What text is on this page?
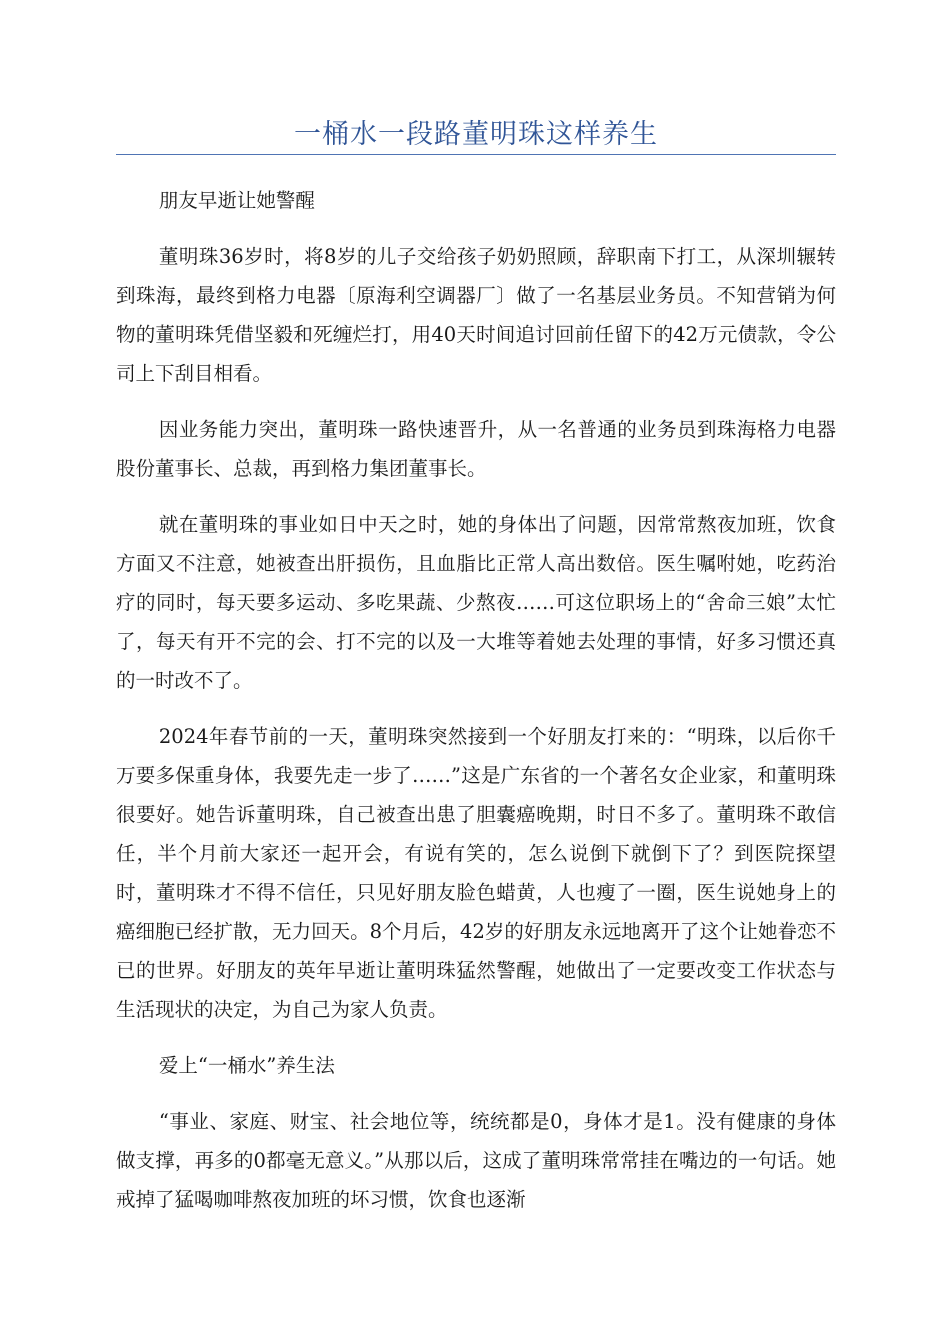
一桶水一段路董明珠这样养生

朋友早逝让她警醒

董明珠36岁时，将8岁的儿子交给孩子奶奶照顾，辞职南下打工，从深圳辗转到珠海，最终到格力电器〔原海利空调器厂〕做了一名基层业务员。不知营销为何物的董明珠凭借坚毅和死缠烂打，用40天时间追讨回前任留下的42万元债款，令公司上下刮目相看。

因业务能力突出，董明珠一路快速晋升，从一名普通的业务员到珠海格力电器股份董事长、总裁，再到格力集团董事长。

就在董明珠的事业如日中天之时，她的身体出了问题，因常常熬夜加班，饮食方面又不注意，她被查出肝损伤，且血脂比正常人高出数倍。医生嘱咐她，吃药治疗的同时，每天要多运动、多吃果蔬、少熬夜……可这位职场上的“舍命三娘”太忙了，每天有开不完的会、打不完的以及一大堆等着她去处理的事情，好多习惯还真的一时改不了。

2024年春节前的一天，董明珠突然接到一个好朋友打来的：“明珠，以后你千万要多保重身体，我要先走一步了……”这是广东省的一个著名女企业家，和董明珠很要好。她告诉董明珠，自己被查出患了胆囊癌晚期，时日不多了。董明珠不敢信任，半个月前大家还一起开会，有说有笑的，怎么说倒下就倒下了？到医院探望时，董明珠才不得不信任，只见好朋友脸色蜡黄，人也瘦了一圈，医生说她身上的癌细胞已经扩散，无力回天。8个月后，42岁的好朋友永远地离开了这个让她眷恋不已的世界。好朋友的英年早逝让董明珠猛然警醒，她做出了一定要改变工作状态与生活现状的决定，为自己为家人负责。

爱上“一桶水”养生法

“事业、家庭、财宝、社会地位等，统统都是0，身体才是1。没有健康的身体做支撑，再多的0都毫无意义。”从那以后，这成了董明珠常常挂在嘴边的一句话。她戒掉了猛喝咖啡熬夜加班的坏习惯，饮食也逐渐
